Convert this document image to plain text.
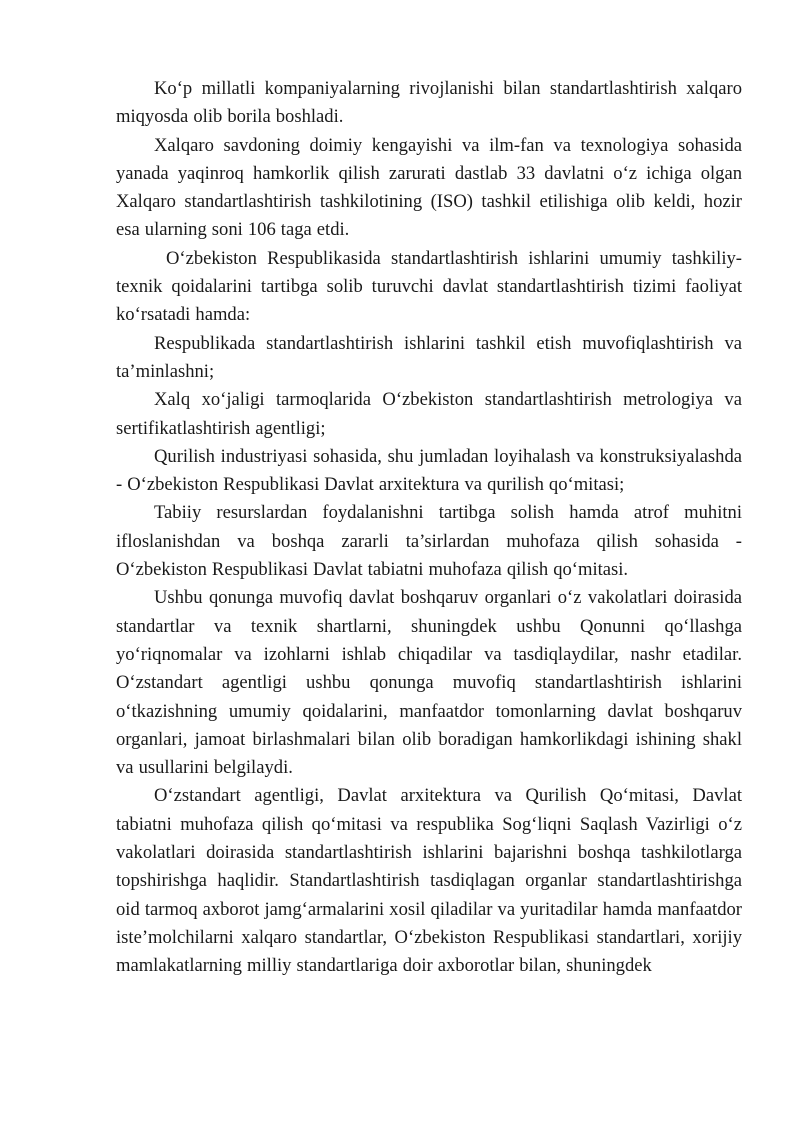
Ko‘p millatli kompaniyalarning rivojlanishi bilan standartlashtirish xalqaro miqyosda olib borila boshladi.

Xalqaro savdoning doimiy kengayishi va ilm-fan va texnologiya sohasida yanada yaqinroq hamkorlik qilish zarurati dastlab 33 davlatni o‘z ichiga olgan Xalqaro standartlashtirish tashkilotining (ISO) tashkil etilishiga olib keldi, hozir esa ularning soni 106 taga etdi.

O‘zbekiston Respublikasida standartlashtirish ishlarini umumiy tashkiliy-texnik qoidalarini tartibga solib turuvchi davlat standartlashtirish tizimi faoliyat ko‘rsatadi hamda:

Respublikada standartlashtirish ishlarini tashkil etish muvofiqlashtirish va ta’minlashni;

Xalq xo‘jaligi tarmoqlarida O‘zbekiston standartlashtirish metrologiya va sertifikatlashtirish agentligi;

Qurilish industriyasi sohasida, shu jumladan loyihalash va konstruksiyalashda - O‘zbekiston Respublikasi Davlat arxitektura va qurilish qo‘mitasi;

Tabiiy resurslardan foydalanishni tartibga solish hamda atrof muhitni ifloslanishdan va boshqa zararli ta’sirlardan muhofaza qilish sohasida - O‘zbekiston Respublikasi Davlat tabiatni muhofaza qilish qo‘mitasi.

Ushbu qonunga muvofiq davlat boshqaruv organlari o‘z vakolatlari doirasida standartlar va texnik shartlarni, shuningdek ushbu Qonunni qo‘llashga yo‘riqnomalar va izohlarni ishlab chiqadilar va tasdiqlaydilar, nashr etadilar. O‘zstandart agentligi ushbu qonunga muvofiq standartlashtirish ishlarini o‘tkazishning umumiy qoidalarini, manfaatdor tomonlarning davlat boshqaruv organlari, jamoat birlashmalari bilan olib boradigan hamkorlikdagi ishining shakl va usullarini belgilaydi.

O‘zstandart agentligi, Davlat arxitektura va Qurilish Qo‘mitasi, Davlat tabiatni muhofaza qilish qo‘mitasi va respublika Sog‘liqni Saqlash Vazirligi o‘z vakolatlari doirasida standartlashtirish ishlarini bajarishni boshqa tashkilotlarga topshirishga haqlidir. Standartlashtirish tasdiqlagan organlar standartlashtirishga oid tarmoq axborot jamg‘armalarini xosil qiladilar va yuritadilar hamda manfaatdor iste’molchilarni xalqaro standartlar, O‘zbekiston Respublikasi standartlari, xorijiy mamlakatlarning milliy standartlariga doir axborotlar bilan, shuningdek
